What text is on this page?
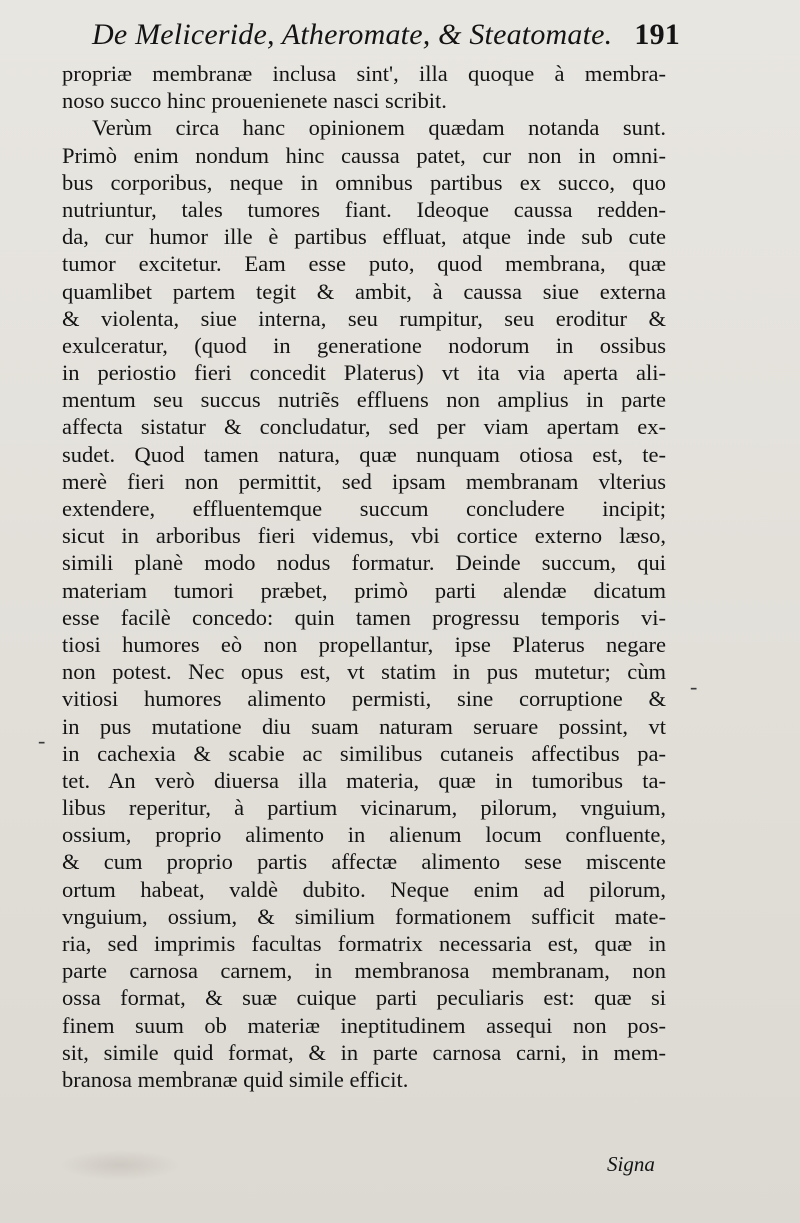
De Meliceride, Atheromate, & Steatomate. 191
propriæ membranæ inclusa sint', illa quoque à membra-
noso succo hinc prouenienete nasci scribit.
Verùm circa hanc opinionem quædam notanda sunt.
Primò enim nondum hinc caussa patet, cur non in omni-
bus corporibus, neque in omnibus partibus ex succo, quo
nutriuntur, tales tumores fiant. Ideoque caussa redden-
da, cur humor ille è partibus effluat, atque inde sub cute
tumor excitetur. Eam esse puto, quod membrana, quæ
quamlibet partem tegit & ambit, à caussa siue externa
& violenta, siue interna, seu rumpitur, seu eroditur &
exulceratur, (quod in generatione nodorum in ossibus
in periostio fieri concedit Platerus) vt ita via aperta ali-
mentum seu succus nutriẽs effluens non amplius in parte
affecta sistatur & concludatur, sed per viam apertam ex-
sudet. Quod tamen natura, quæ nunquam otiosa est, te-
merè fieri non permittit, sed ipsam membranam vlterius
extendere, effluentemque succum concludere incipit;
sicut in arboribus fieri videmus, vbi cortice externo læso,
simili planè modo nodus formatur. Deinde succum, qui
materiam tumori præbet, primò parti alendæ dicatum
esse facilè concedo: quin tamen progressu temporis vi-
tiosi humores eò non propellantur, ipse Platerus negare
non potest. Nec opus est, vt statim in pus mutetur; cùm
vitiosi humores alimento permisti, sine corruptione &
in pus mutatione diu suam naturam seruare possint, vt
in cachexia & scabie ac similibus cutaneis affectibus pa-
tet. An verò diuersa illa materia, quæ in tumoribus ta-
libus reperitur, à partium vicinarum, pilorum, vnguium,
ossium, proprio alimento in alienum locum confluente,
& cum proprio partis affectæ alimento sese miscente
ortum habeat, valdè dubito. Neque enim ad pilorum,
vnguium, ossium, & similium formationem sufficit mate-
ria, sed imprimis facultas formatrix necessaria est, quæ in
parte carnosa carnem, in membranosa membranam, non
ossa format, & suæ cuique parti peculiaris est: quæ si
finem suum ob materiæ ineptitudinem assequi non pos-
sit, simile quid format, & in parte carnosa carni, in mem-
branosa membranæ quid simile efficit.
-
-
Signa
